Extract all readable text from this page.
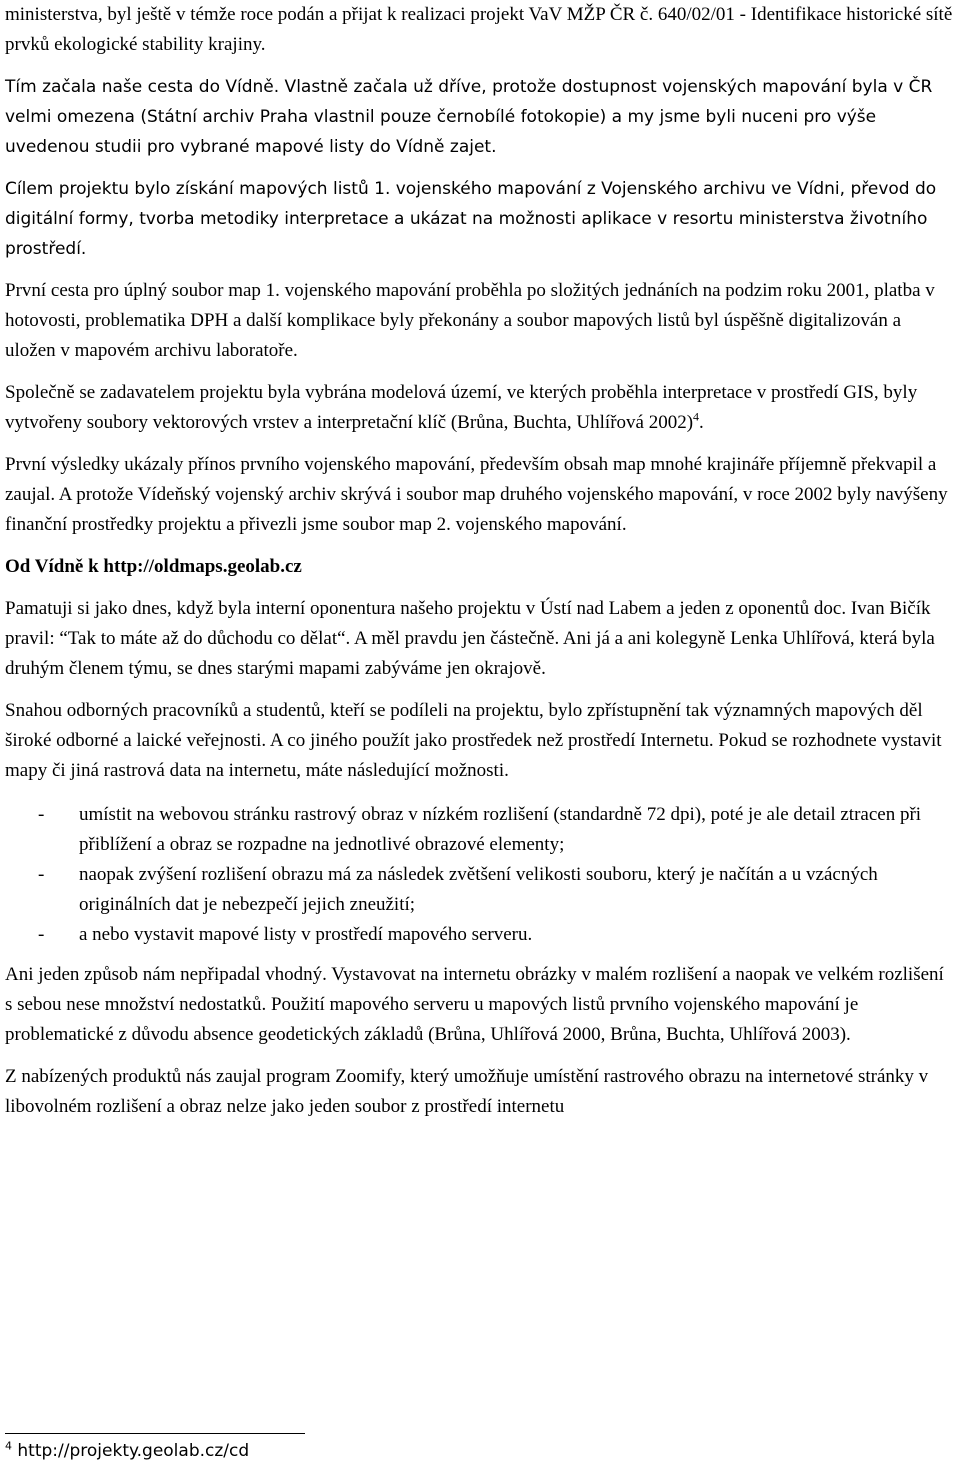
ministerstva, byl ještě v témže roce podán a přijat k realizaci projekt VaV MŽP ČR č. 640/02/01 - Identifikace historické sítě prvků ekologické stability krajiny.

Tím začala naše cesta do Vídně. Vlastně začala už dříve, protože dostupnost vojenských mapování byla v ČR velmi omezena (Státní archiv Praha vlastnil pouze černobílé fotokopie) a my jsme byli nuceni pro výše uvedenou studii pro vybrané mapové listy do Vídně zajet.

Cílem projektu bylo získání mapových listů 1. vojenského mapování z Vojenského archivu ve Vídni, převod do digitální formy, tvorba metodiky interpretace a ukázat na možnosti aplikace v resortu ministerstva životního prostředí.

První cesta pro úplný soubor map 1. vojenského mapování proběhla po složitých jednáních na podzim roku 2001, platba v hotovosti, problematika DPH a další komplikace byly překonány a soubor mapových listů byl úspěšně digitalizován a uložen v mapovém archivu laboratoře.

Společně se zadavatelem projektu byla vybrána modelová území, ve kterých proběhla interpretace v prostředí GIS, byly vytvořeny soubory vektorových vrstev a interpretační klíč (Brůna, Buchta, Uhlířová 2002)$^4$.

První výsledky ukázaly přínos prvního vojenského mapování, především obsah map mnohé krajináře příjemně překvapil a zaujal. A protože Vídeňský vojenský archiv skrývá i soubor map druhého vojenského mapování, v roce 2002 byly navýšeny finanční prostředky projektu a přivezli jsme soubor map 2. vojenského mapování.

Od Vídně k http://oldmaps.geolab.cz

Pamatuji si jako dnes, když byla interní oponentura našeho projektu v Ústí nad Labem a jeden z oponentů doc. Ivan Bičík pravil: “Tak to máte až do důchodu co dělat“. A měl pravdu jen částečně. Ani já a ani kolegyně Lenka Uhlířová, která byla druhým členem týmu, se dnes starými mapami zabýváme jen okrajově.

Snahou odborných pracovníků a studentů, kteří se podíleli na projektu, bylo zpřístupnění tak významných mapových děl široké odborné a laické veřejnosti. A co jiného použít jako prostředek než prostředí Internetu. Pokud se rozhodnete vystavit mapy či jiná rastrová data na internetu, máte následující možnosti.

- umístit na webovou stránku rastrový obraz v nízkém rozlišení (standardně 72 dpi), poté je ale detail ztracen při přiblížení a obraz se rozpadne na jednotlivé obrazové elementy;
- naopak zvýšení rozlišení obrazu má za následek zvětšení velikosti souboru, který je načítán a u vzácných originálních dat je nebezpečí jejich zneužití;
- a nebo vystavit mapové listy v prostředí mapového serveru.

Ani jeden způsob nám nepřipadal vhodný. Vystavovat na internetu obrázky v malém rozlišení a naopak ve velkém rozlišení s sebou nese množství nedostatků. Použití mapového serveru u mapových listů prvního vojenského mapování je problematické z důvodu absence geodetických základů (Brůna, Uhlířová 2000, Brůna, Buchta, Uhlířová 2003).

Z nabízených produktů nás zaujal program Zoomify, který umožňuje umístění rastrového obrazu na internetové stránky v libovolném rozlišení a obraz nelze jako jeden soubor z prostředí internetu

$^4$ http://projekty.geolab.cz/cd
